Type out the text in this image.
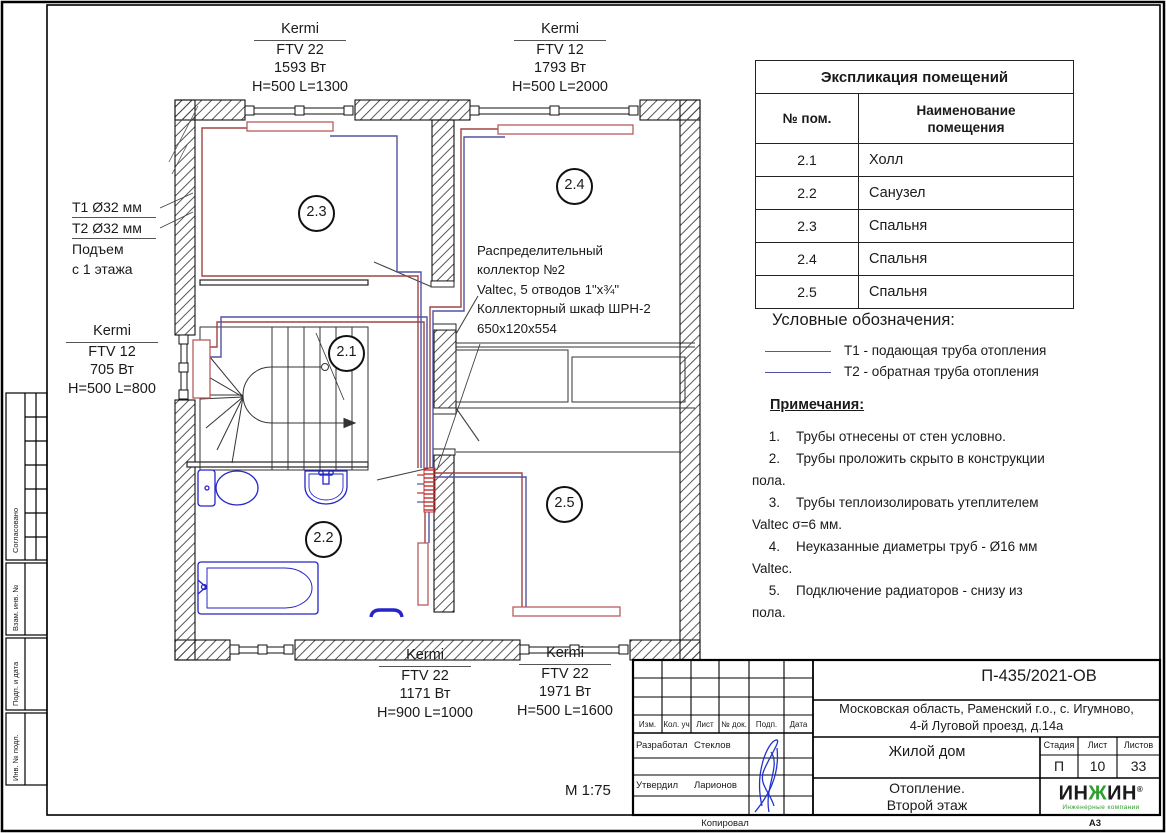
Kermi
FTV 22
1593 Вт
H=500 L=1300
Kermi
FTV 12
1793 Вт
H=500 L=2000
Kermi
FTV 12
705 Вт
H=500 L=800
Kermi
FTV 22
1171 Вт
H=900 L=1000
Kermi
FTV 22
1971 Вт
H=500 L=1600
Т1 Ø32 мм
Т2 Ø32 мм
Подъем
с 1 этажа
Распределительный
коллектор №2
Valtec, 5 отводов 1"х¾"
Коллекторный шкаф ШРН-2
650х120х554
2.3
2.4
2.1
2.2
2.5
Экспликация помещений	
№ пом.	Наименование
помещения
2.1	Холл
2.2	Санузел
2.3	Спальня
2.4	Спальня
2.5	Спальня
Условные обозначения:
Т1 - подающая труба отопления
Т2 - обратная труба отопления
Примечания:
1. Трубы отнесены от стен условно.
2. Трубы проложить скрыто в конструкции
пола.
3. Трубы теплоизолировать утеплителем
Valtec σ=6 мм.
4. Неуказанные диаметры труб - Ø16 мм
Valtec.
5. Подключение радиаторов - снизу из
пола.
М 1:75
П-435/2021-ОВ
Московская область, Раменский г.о., с. Игумново,
4-й Луговой проезд, д.14а
Жилой дом	Стадия	Лист	Листов
П	10	33
Отопление.
Второй этаж
Изм. Кол. уч Лист № док.	Подп.	Дата
Разработал Стеклов
Утвердил Ларионов	ИНЖИН®
Инженерные компании
Копировал	А3
Согласовано
Взам. инв. №
Подп. и дата
Инв. № подл.
